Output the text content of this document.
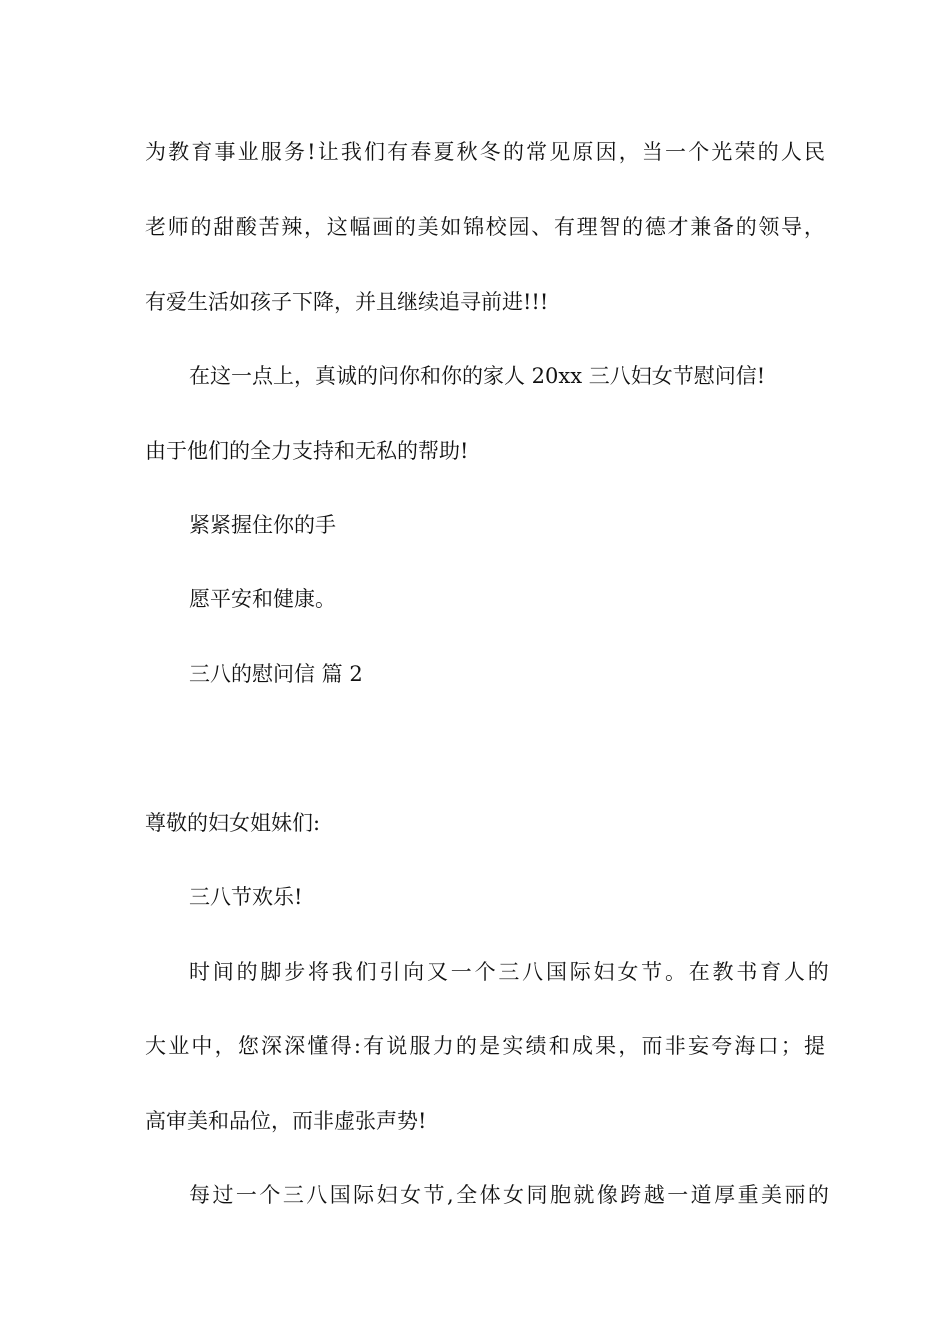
为 教 育 事 业 服 务 ! 让 我 们 有 春 夏 秋 冬 的 常 见 原 因 ， 当 一 个 光 荣 的 人 民
老 师 的 甜 酸 苦 辣 ， 这 幅 画 的 美 如 锦 校 园 、 有 理 智 的 德 才 兼 备 的 领 导 ，
有爱生活如孩子下降，并且继续追寻前进!!!
在这一点上，真诚的问你和你的家人 20xx 三八妇女节慰问信!
由于他们的全力支持和无私的帮助!
紧紧握住你的手
愿平安和健康。
三八的慰问信 篇 2
尊敬的妇女姐妹们:
三八节欢乐!
时 间 的 脚 步 将 我 们 引 向 又 一 个 三 八 国 际 妇 女 节 。 在 教 书 育 人 的
大 业 中 ， 您 深 深 懂 得 : 有 说 服 力 的 是 实 绩 和 成 果 ， 而 非 妄 夸 海 口 ； 提
高审美和品位，而非虚张声势!
每 过 一 个 三 八 国 际 妇 女 节 , 全 体 女 同 胞 就 像 跨 越 一 道 厚 重 美 丽 的
